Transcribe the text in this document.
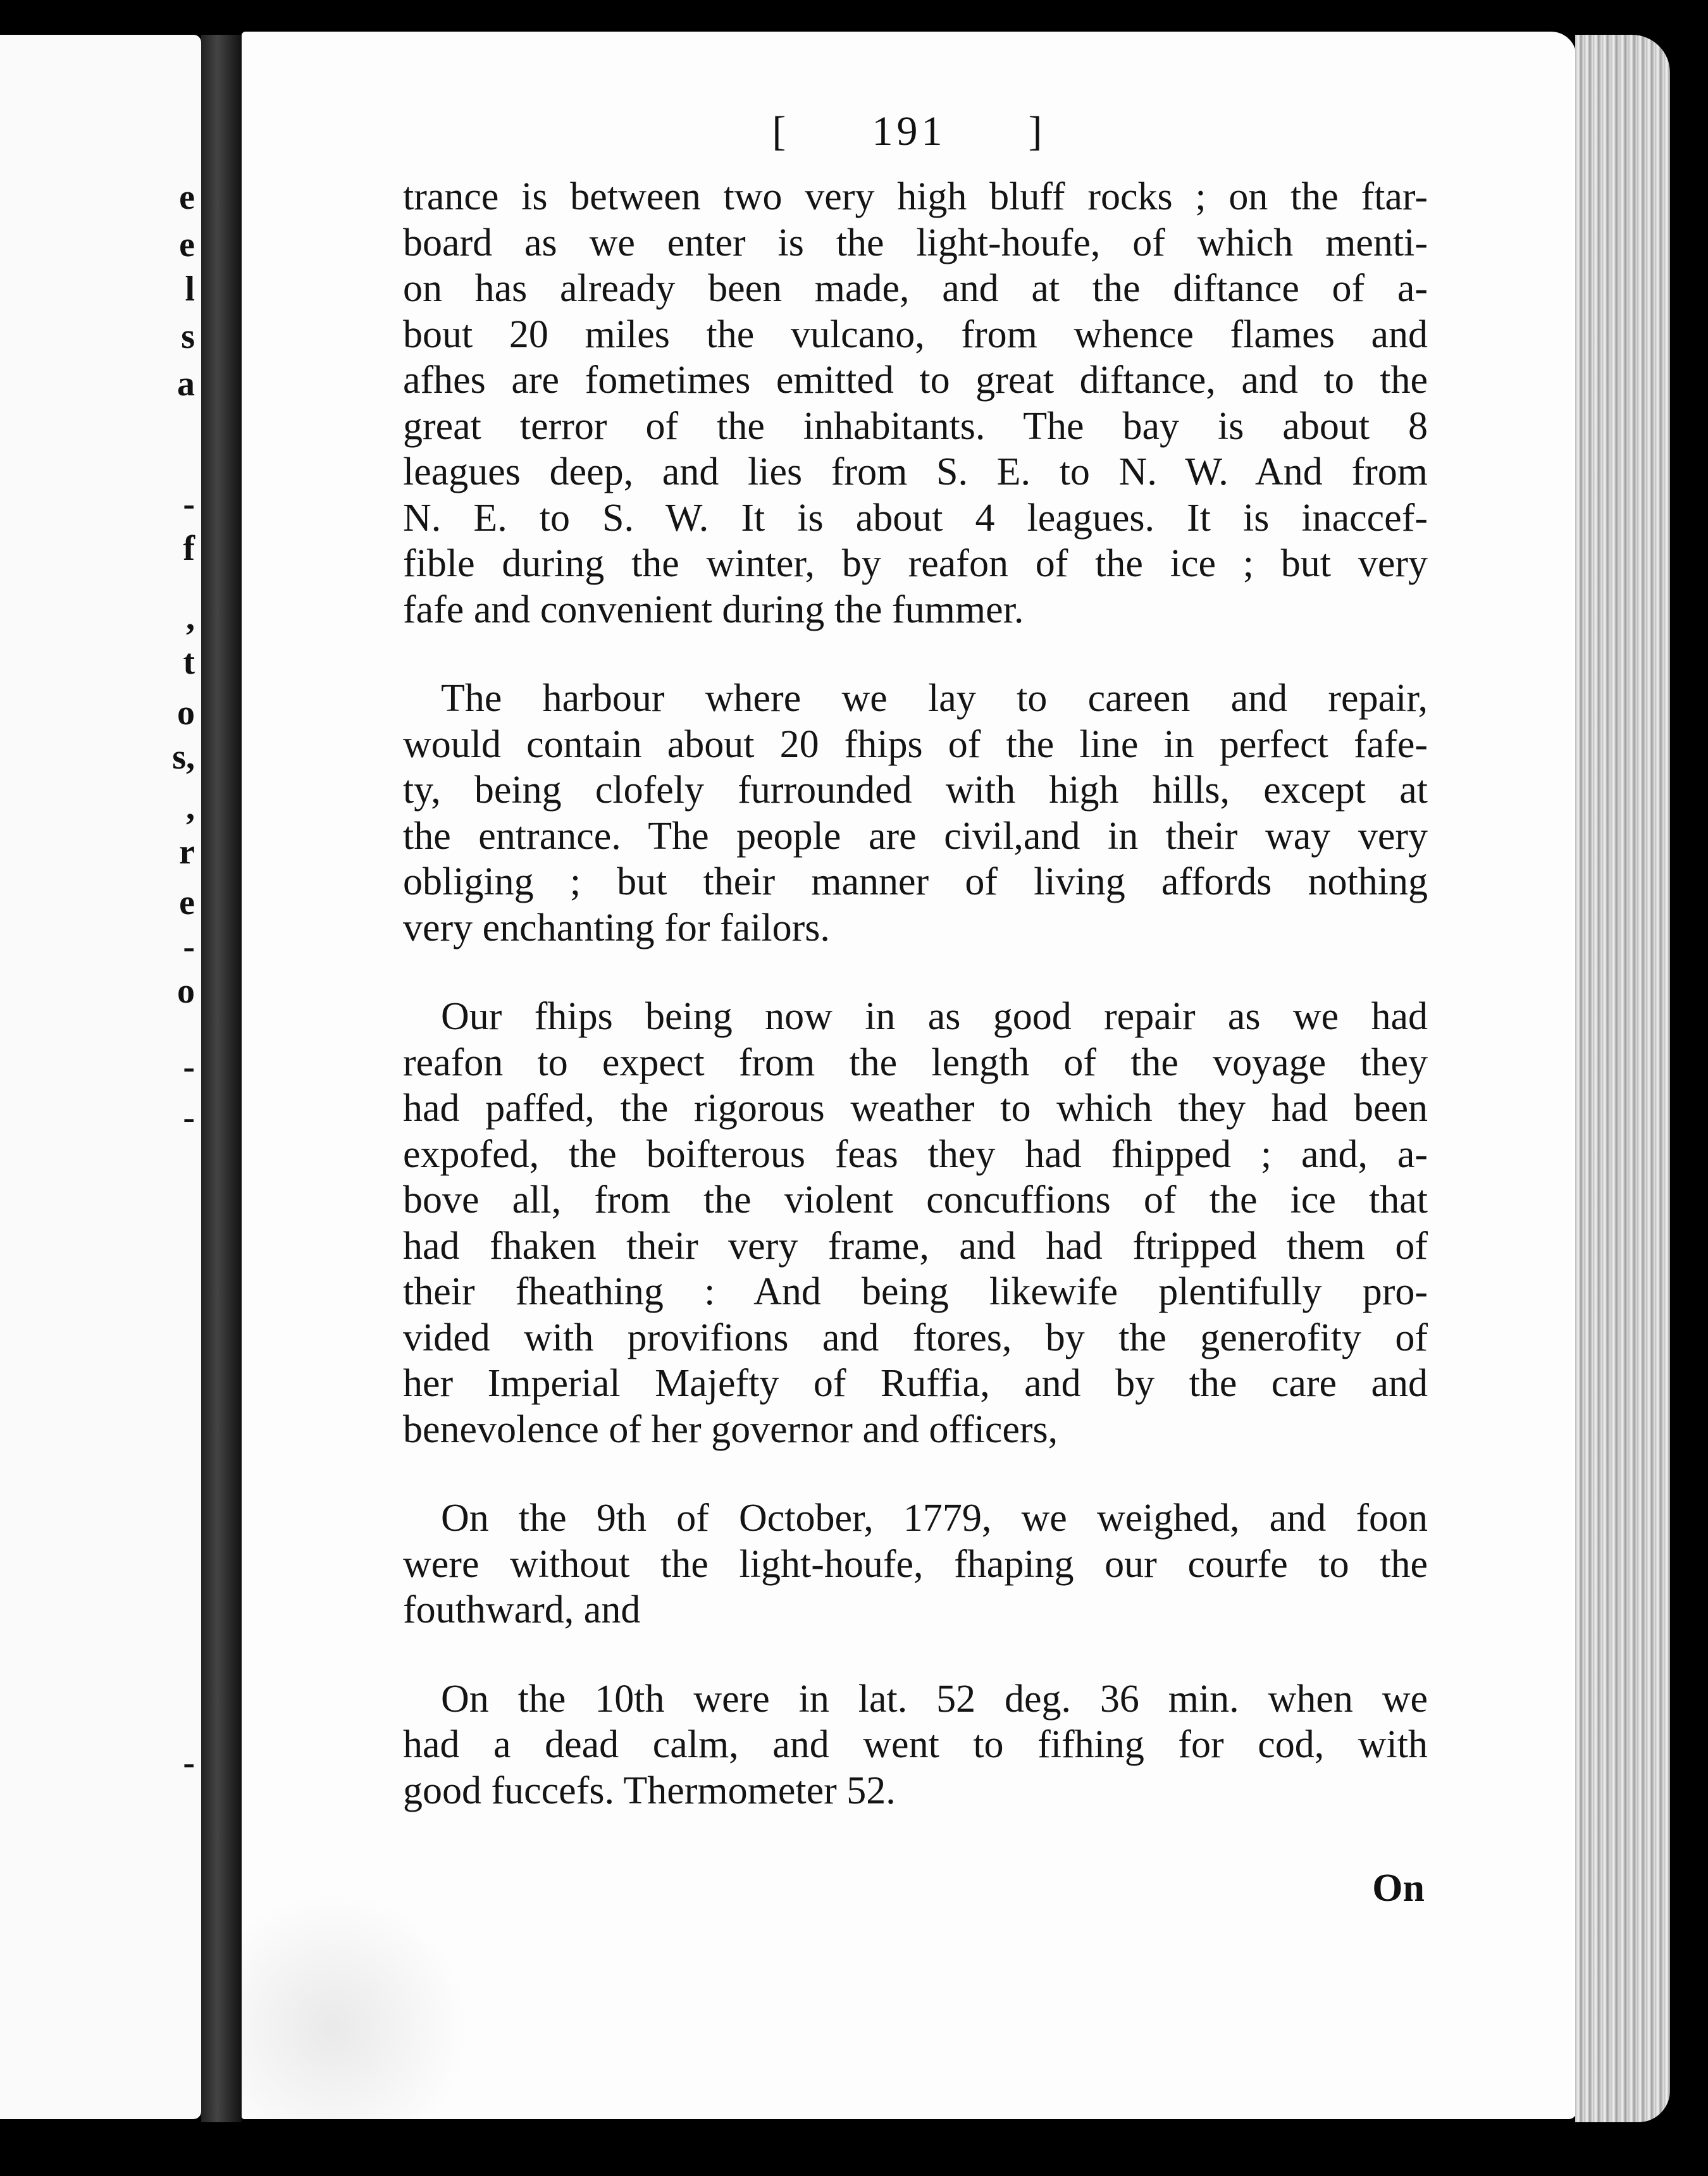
e
e
l
s
a
-
f
,
t
o
s,
,
r
e
-
o
-
-
-
[ 191 ]
trance is between two very high bluff rocks ; on the ftar-
board as we enter is the light-houfe, of which menti-
on has already been made, and at the diftance of a-
bout 20 miles the vulcano, from whence flames and
afhes are fometimes emitted to great diftance, and to the
great terror of the inhabitants. The bay is about 8
leagues deep, and lies from S. E. to N. W. And from
N. E. to S. W. It is about 4 leagues. It is inaccef-
fible during the winter, by reafon of the ice ; but very
fafe and convenient during the fummer.
The harbour where we lay to careen and repair,
would contain about 20 fhips of the line in perfect fafe-
ty, being clofely furrounded with high hills, except at
the entrance. The people are civil,and in their way very
obliging ; but their manner of living affords nothing
very enchanting for failors.
Our fhips being now in as good repair as we had
reafon to expect from the length of the voyage they
had paffed, the rigorous weather to which they had been
expofed, the boifterous feas they had fhipped ; and, a-
bove all, from the violent concuffions of the ice that
had fhaken their very frame, and had ftripped them of
their fheathing : And being likewife plentifully pro-
vided with provifions and ftores, by the generofity of
her Imperial Majefty of Ruffia, and by the care and
benevolence of her governor and officers,
On the 9th of October, 1779, we weighed, and foon
were without the light-houfe, fhaping our courfe to the
fouthward, and
On the 10th were in lat. 52 deg. 36 min. when we
had a dead calm, and went to fifhing for cod, with
good fuccefs. Thermometer 52.
On
